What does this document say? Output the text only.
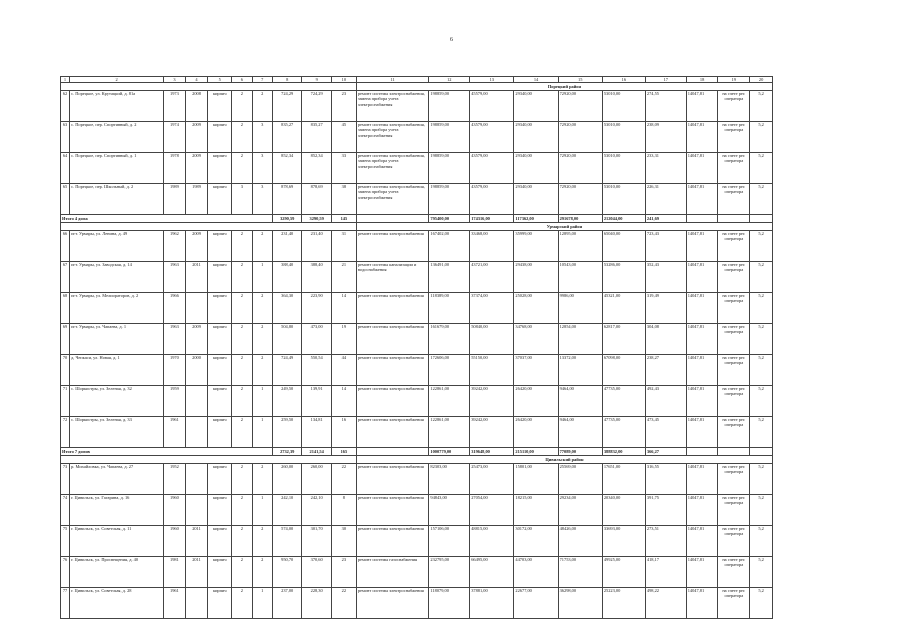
6
1	2	3	4	5	6	7	8	9	10	11	12	13	14	15	16	17	18	19	20
										Порецкий район									
62	с. Порецкое, ул. Крутацкий, д. 81а	1973	2008	кирпич	2	2	724,29	724,29	23	ремонт системы электроснабжения, замена прибора учета электроснабжения	198859,00	45579,00	29340,00	72920,00	53010,00	274,55	14047,81	на счете рег. оператора	5,2
63	с. Порецкое, пер. Спортивный, д. 2	1974	2009	кирпич	2	3	835,27	835,27	45	ремонт системы электроснабжения, замена прибора учета электроснабжения	198859,00	43579,00	29340,00	72920,00	53010,00	238,09	14047,81	на счете рег. оператора	5,2
64	с. Порецкое, пер. Спортивный, д. 1	1978	2009	кирпич	2	3	852,34	852,34	33	ремонт системы электроснабжения, замена прибора учета электроснабжения	198859,00	43579,00	29340,00	72920,00	53010,00	233,31	14047,81	на счете рег. оператора	5,2
65	с. Порецкое, пер. Школьный, д. 2	1989	1989	кирпич	3	3	878,69	878,69	38	ремонт системы электроснабжения, замена прибора учета электроснабжения	198859,00	43579,00	29340,00	72920,00	53010,00	226,31	14047,81	на счете рег. оператора	5,2
Итого 4 дома							3290,59	3290,59	145		795400,00	174316,00	117362,00	291678,00	212044,00	241,69			
										Урмарский район									
66	пгт. Урмары, ул. Ленина, д. 49	1962	2009	кирпич	2	2	231,40	231,40	31	ремонт системы электроснабжения	167402,00	33468,00	35999,00	12895,00	65040,00	723,43	14047,81	на счете рег. оператора	5,2
67	пгт. Урмары, ул. Заводская, д. 14	1963	2011	кирпич	2	1	388,40	388,40	21	ремонт системы канализации и водоснабжения	136491,00	43721,00	29438,00	10543,00	53286,00	352,43	14047,81	на счете рег. оператора	5,2
68	пгт. Урмары, ул. Мелиораторов, д. 2	1966		кирпич	2	2	364,30	223,90	14	ремонт системы электроснабжения	118389,00	37374,00	25028,00	9986,00	45321,00	319,49	14047,81	на счете рег. оператора	5,2
69	пгт. Урмары, ул. Чапаева, д. 1	1963	2009	кирпич	2	2	504,80	473,00	19	ремонт системы электроснабжения	161679,00	50840,00	34768,00	12854,00	62817,00	304,08	14047,81	на счете рег. оператора	5,2
70	д. Чепкаси, ул. Новая, д. 1	1970	2000	кирпич	2	2	724,49	550,54	44	ремонт системы электроснабжения	172606,00	55150,00	37037,00	13372,00	67098,00	238,27	14047,81	на счете рег. оператора	5,2
71	с. Шоркистры, ул. Зеленая, д. 32	1959		кирпич	2	1	249,50	139,91	14	ремонт системы электроснабжения	122861,00	39242,00	26420,00	9464,00	47735,00	492,43	14047,81	на счете рег. оператора	5,2
72	с. Шоркистры, ул. Зеленая, д. 33	1961		кирпич	2	1	259,50	134,81	16	ремонт системы электроснабжения	122861,00	39242,00	26420,00	9464,00	47735,00	473,45	14047,81	на счете рег. оператора	5,2
Итого 7 домов							2732,39	2141,54	165		1000779,00	319648,00	215110,00	77089,00	388832,00	366,27			
										Цивильский район									
73	р. Михайловка, ул. Чапаева, д. 27	1952		кирпич	2	2	260,00	260,00	22	ремонт системы электроснабжения	82303,00	25473,00	15801,00	25569,00	17651,00	316,55	14047,81	на счете рег. оператора	5,2
74	г. Цивильск, ул. Гагарина, д. 16	1960		кирпич	2	1	242,10	242,10	8	ремонт системы электроснабжения	94843,00	27054,00	18215,00	29234,00	20340,00	391,75	14047,81	на счете рег. оператора	5,2
75	г. Цивильск, ул. Советская, д. 11	1960	2011	кирпич	2	2	574,00	301,70	30	ремонт системы электроснабжения	157106,00	48815,00	30172,00	48426,00	33693,00	273,51	14047,81	на счете рег. оператора	5,2
76	г. Цивильск, ул. Просвещения, д. 40	1981	2011	кирпич	2	2	950,70	370,60	23	ремонт системы газоснабжения	232795,00	66495,00	44703,00	71753,00	49925,00	418,17	14047,81	на счете рег. оператора	5,2
77	г. Цивильск, ул. Советская, д. 28	1961		кирпич	2	1	237,00	228,30	22	ремонт системы электроснабжения	118079,00	37881,00	22677,00	36298,00	25223,00	498,22	14047,81	на счете рег. оператора	5,2
